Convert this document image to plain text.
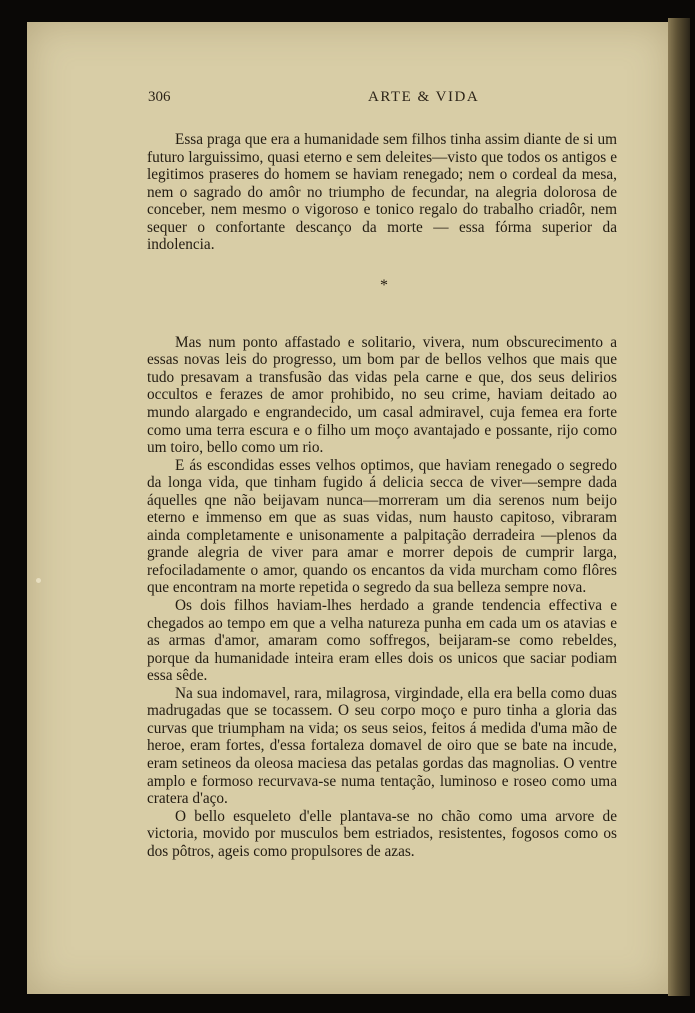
306	ARTE & VIDA

Essa praga que era a humanidade sem filhos tinha assim diante de si um futuro larguissimo, quasi eterno e sem deleites—visto que todos os antigos e legitimos praseres do homem se haviam renegado; nem o cordeal da mesa, nem o sagrado do amôr no triumpho de fecundar, na alegria dolorosa de conceber, nem mesmo o vigoroso e tonico regalo do trabalho criadôr, nem sequer o confortante descanço da morte — essa fórma superior da indolencia.

*

Mas num ponto affastado e solitario, vivera, num obscurecimento a essas novas leis do progresso, um bom par de bellos velhos que mais que tudo presavam a transfusão das vidas pela carne e que, dos seus delirios occultos e ferazes de amor prohibido, no seu crime, haviam deitado ao mundo alargado e engrandecido, um casal admiravel, cuja femea era forte como uma terra escura e o filho um moço avantajado e possante, rijo como um toiro, bello como um rio.

E ás escondidas esses velhos optimos, que haviam renegado o segredo da longa vida, que tinham fugido á delicia secca de viver—sempre dada áquelles qne não beijavam nunca—morreram um dia serenos num beijo eterno e immenso em que as suas vidas, num hausto capitoso, vibraram ainda completamente e unisonamente a palpitação derradeira —plenos da grande alegria de viver para amar e morrer depois de cumprir larga, refociladamente o amor, quando os encantos da vida murcham como flôres que encontram na morte repetida o segredo da sua belleza sempre nova.

Os dois filhos haviam-lhes herdado a grande tendencia effectiva e chegados ao tempo em que a velha natureza punha em cada um os atavias e as armas d'amor, amaram como soffregos, beijaram-se como rebeldes, porque da humanidade inteira eram elles dois os unicos que saciar podiam essa sêde.

Na sua indomavel, rara, milagrosa, virgindade, ella era bella como duas madrugadas que se tocassem. O seu corpo moço e puro tinha a gloria das curvas que triumpham na vida; os seus seios, feitos á medida d'uma mão de heroe, eram fortes, d'essa fortaleza domavel de oiro que se bate na incude, eram setineos da oleosa maciesa das petalas gordas das magnolias. O ventre amplo e formoso recurvava-se numa tentação, luminoso e roseo como uma cratera d'aço.

O bello esqueleto d'elle plantava-se no chão como uma arvore de victoria, movido por musculos bem estriados, resistentes, fogosos como os dos pôtros, ageis como propulsores de azas.
